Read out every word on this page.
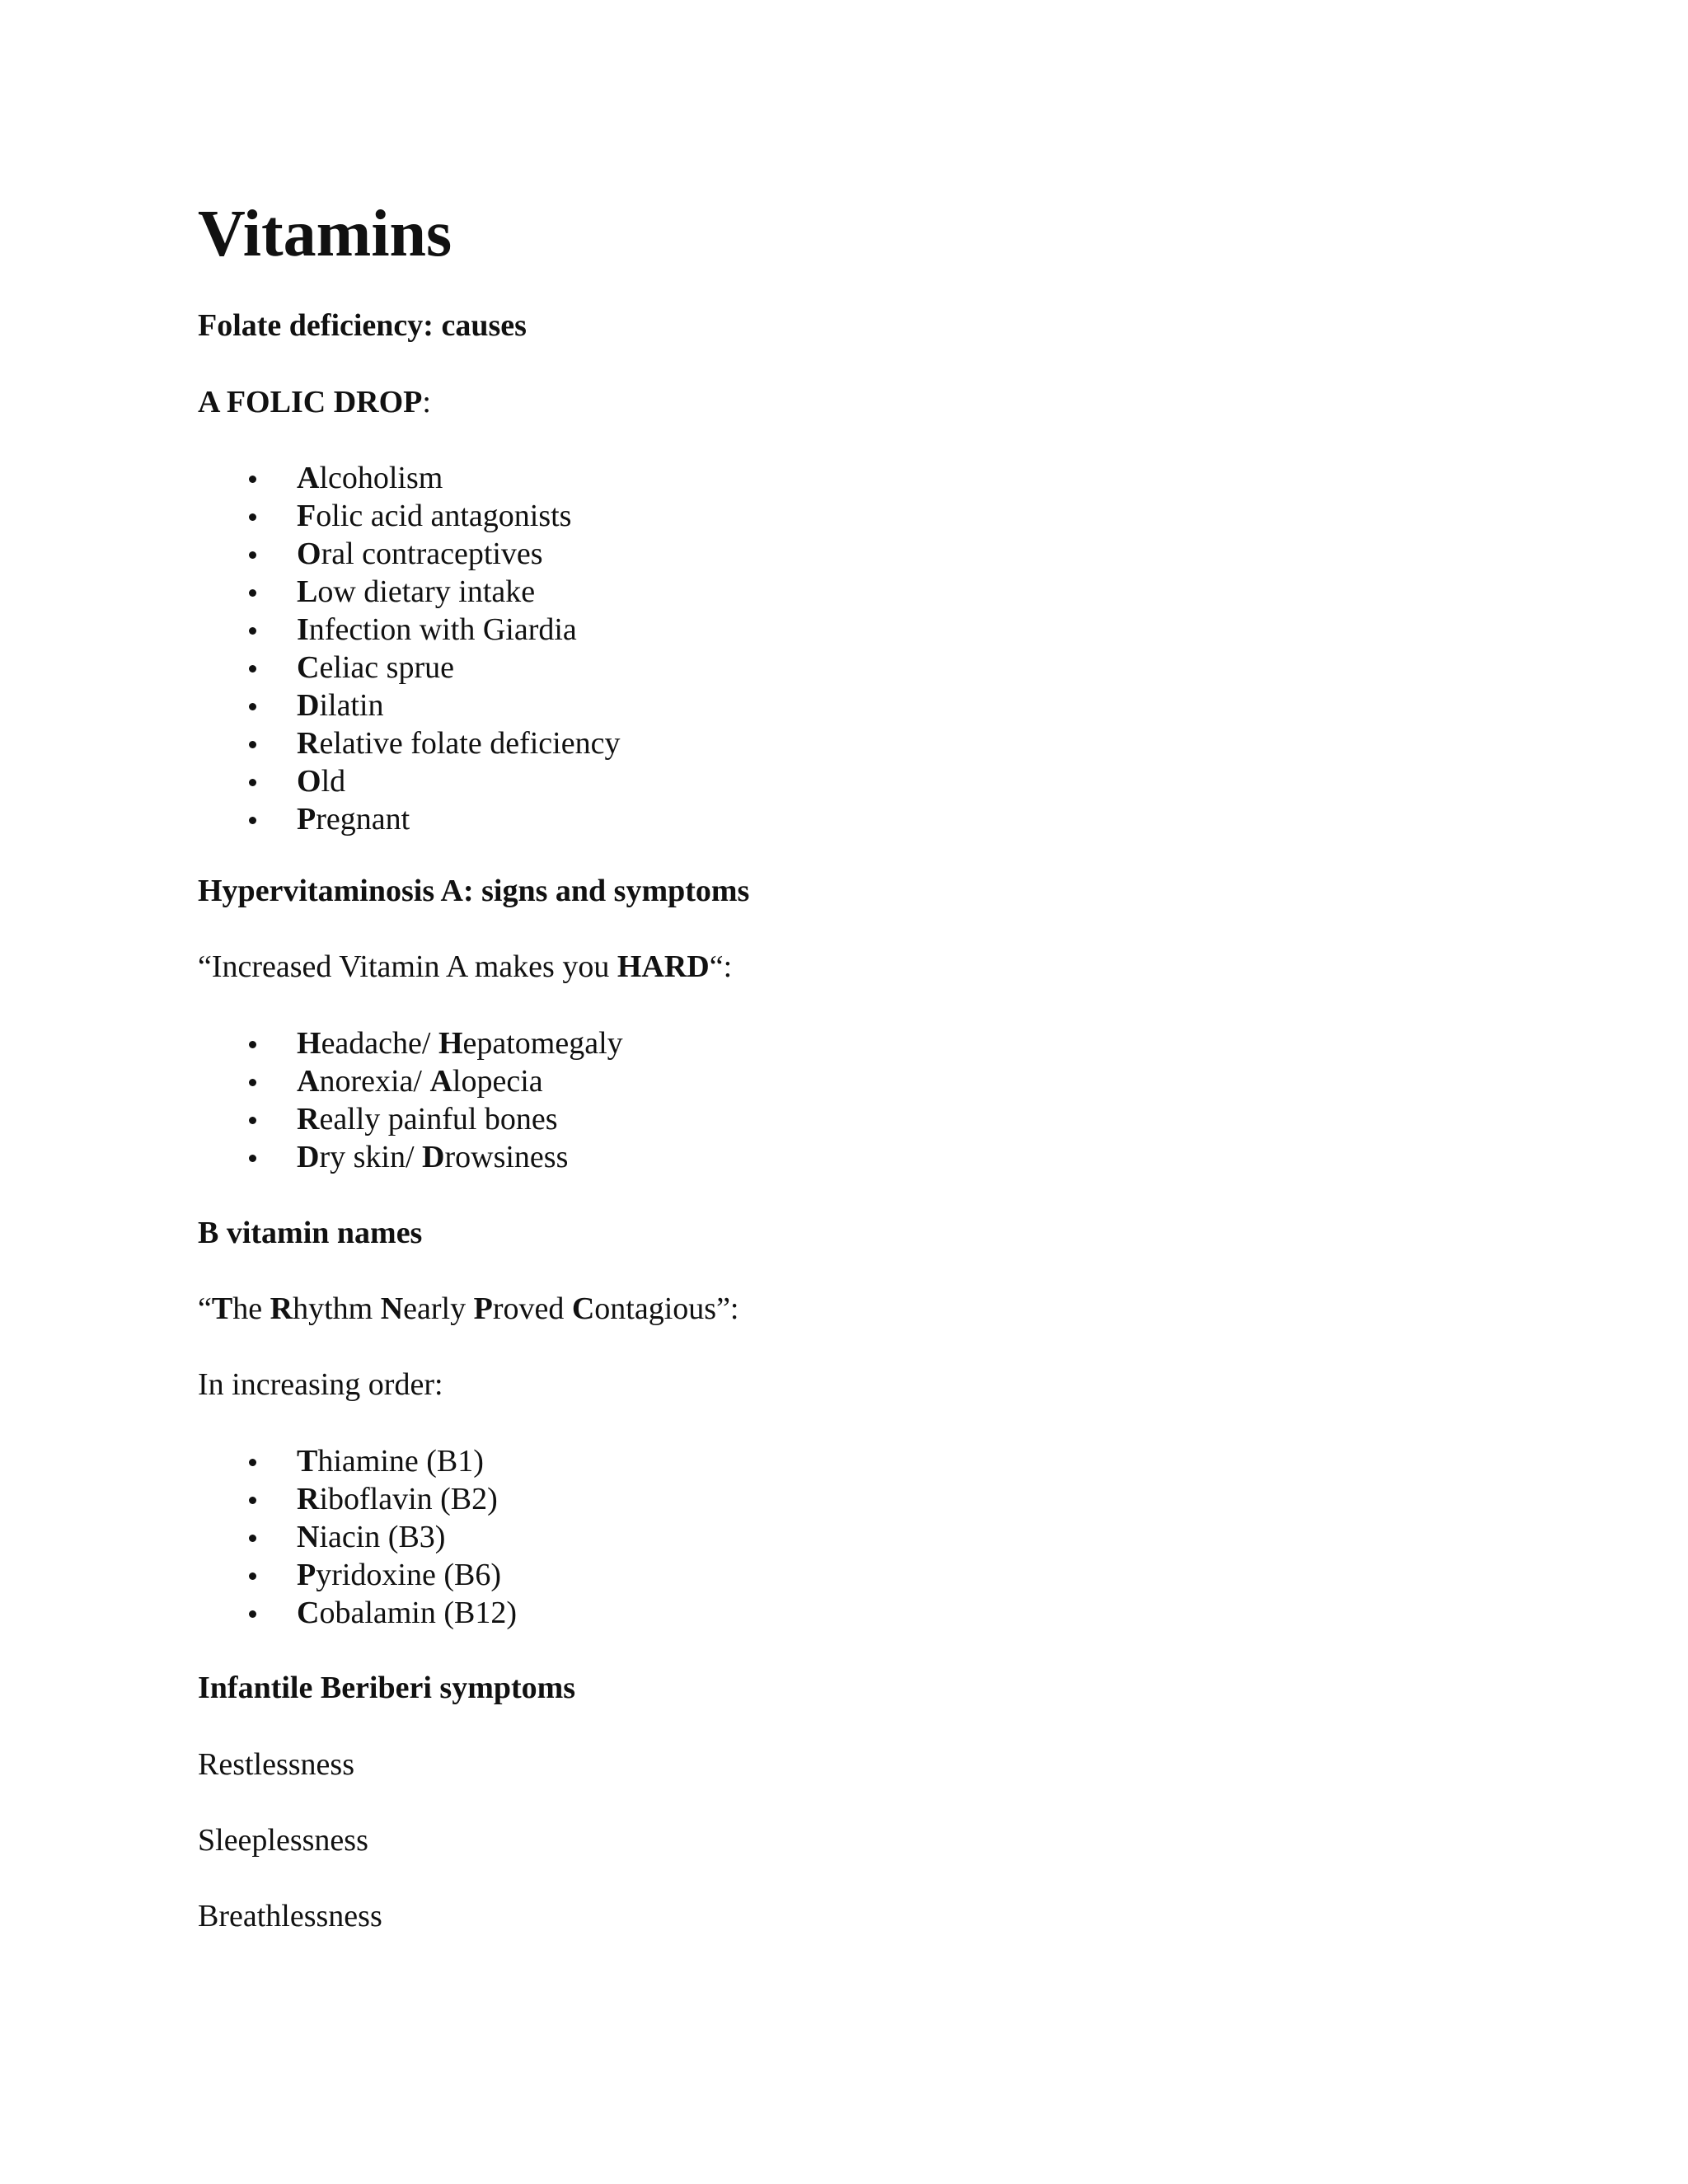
Vitamins
Folate deficiency: causes
A FOLIC DROP:
Alcoholism
Folic acid antagonists
Oral contraceptives
Low dietary intake
Infection with Giardia
Celiac sprue
Dilatin
Relative folate deficiency
Old
Pregnant
Hypervitaminosis A: signs and symptoms
“Increased Vitamin A makes you HARD“:
Headache/ Hepatomegaly
Anorexia/ Alopecia
Really painful bones
Dry skin/ Drowsiness
B vitamin names
“The Rhythm Nearly Proved Contagious”:
In increasing order:
Thiamine (B1)
Riboflavin (B2)
Niacin (B3)
Pyridoxine (B6)
Cobalamin (B12)
Infantile Beriberi symptoms
Restlessness
Sleeplessness
Breathlessness
